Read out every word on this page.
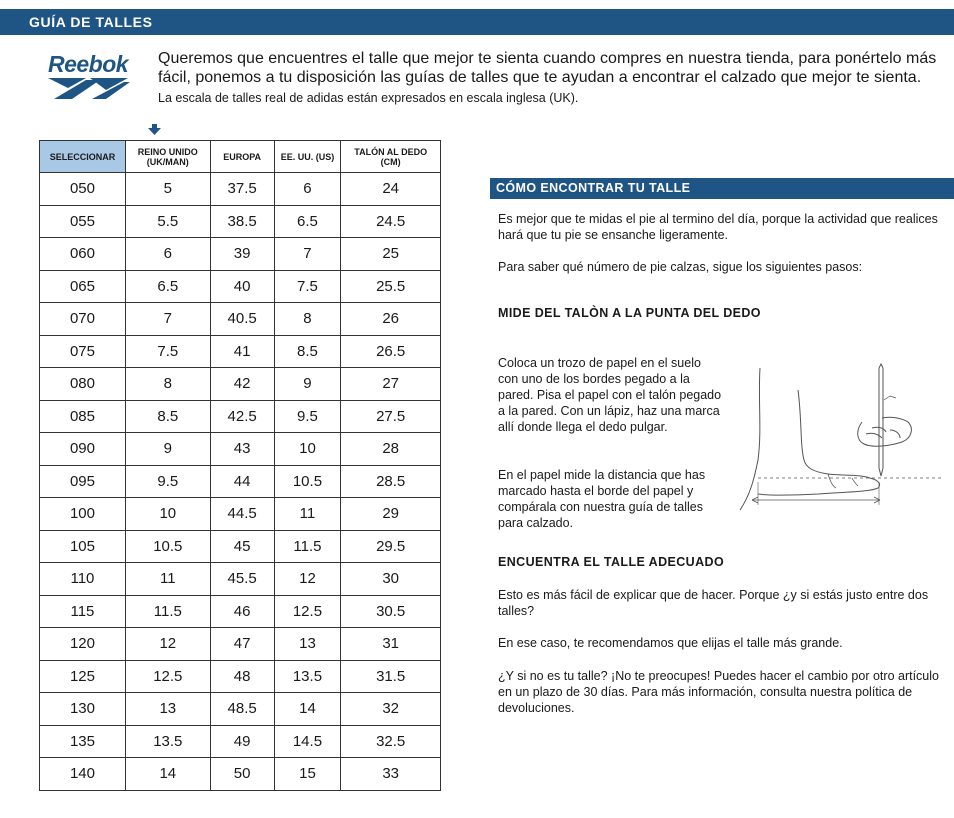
GUÍA DE TALLES
Reebok	Queremos que encuentres el talle que mejor te sienta cuando compres en nuestra tienda, para ponértelo más fácil, ponemos a tu disposición las guías de talles que te ayudan a encontrar el calzado que mejor te sienta.

La escala de talles real de adidas están expresados en escala inglesa (UK).

SELECCIONAR	REINO UNIDO (UK/MAN)	EUROPA	EE. UU. (US)	TALÓN AL DEDO (CM)
050	5	37.5	6	24
055	5.5	38.5	6.5	24.5
060	6	39	7	25
065	6.5	40	7.5	25.5
070	7	40.5	8	26
075	7.5	41	8.5	26.5
080	8	42	9	27
085	8.5	42.5	9.5	27.5
090	9	43	10	28
095	9.5	44	10.5	28.5
100	10	44.5	11	29
105	10.5	45	11.5	29.5
110	11	45.5	12	30
115	11.5	46	12.5	30.5
120	12	47	13	31
125	12.5	48	13.5	31.5
130	13	48.5	14	32
135	13.5	49	14.5	32.5
140	14	50	15	33
CÓMO ENCONTRAR TU TALLE

Es mejor que te midas el pie al termino del día, porque la actividad que realices hará que tu pie se ensanche ligeramente.

Para saber qué número de pie calzas, sigue los siguientes pasos:

MIDE DEL TALÒN A LA PUNTA DEL DEDO

Coloca un trozo de papel en el suelo con uno de los bordes pegado a la pared. Pisa el papel con el talón pegado a la pared. Con un lápiz, haz una marca allí donde llega el dedo pulgar.

En el papel mide la distancia que has marcado hasta el borde del papel y compárala con nuestra guía de talles para calzado.

ENCUENTRA EL TALLE ADECUADO

Esto es más fácil de explicar que de hacer. Porque ¿y si estás justo entre dos talles?

En ese caso, te recomendamos que elijas el talle más grande.

¿Y si no es tu talle? ¡No te preocupes! Puedes hacer el cambio por otro artículo en un plazo de 30 días. Para más información, consulta nuestra política de devoluciones.
